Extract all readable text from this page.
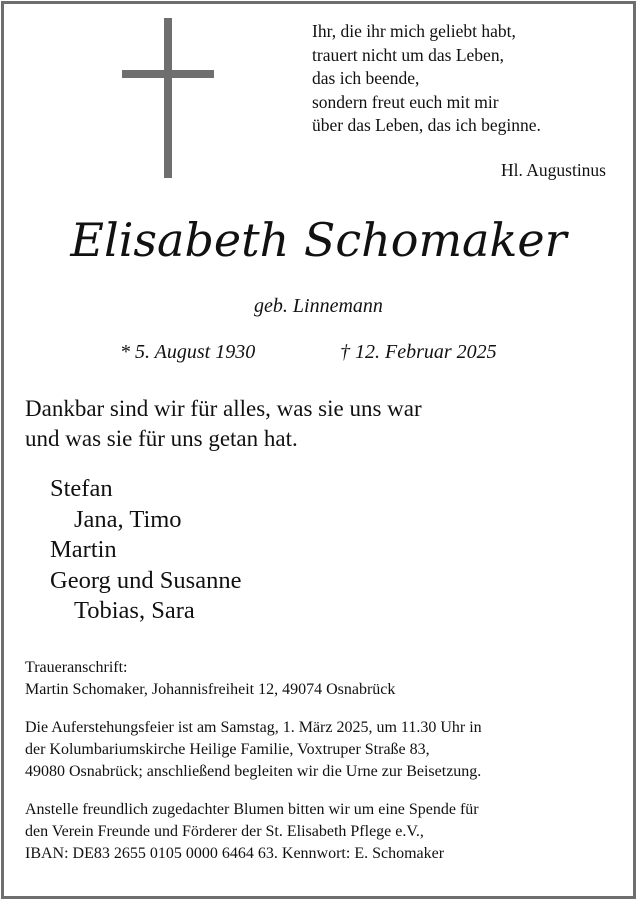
Ihr, die ihr mich geliebt habt,
trauert nicht um das Leben,
das ich beende,
sondern freut euch mit mir
über das Leben, das ich beginne.
Hl. Augustinus
Elisabeth Schomaker
geb. Linnemann
* 5. August 1930	† 12. Februar 2025
Dankbar sind wir für alles, was sie uns war
und was sie für uns getan hat.
Stefan
Jana, Timo
Martin
Georg und Susanne
Tobias, Sara
Traueranschrift:
Martin Schomaker, Johannisfreiheit 12, 49074 Osnabrück
Die Auferstehungsfeier ist am Samstag, 1. März 2025, um 11.30 Uhr in
der Kolumbariumskirche Heilige Familie, Voxtruper Straße 83,
49080 Osnabrück; anschließend begleiten wir die Urne zur Beisetzung.
Anstelle freundlich zugedachter Blumen bitten wir um eine Spende für
den Verein Freunde und Förderer der St. Elisabeth Pflege e.V.,
IBAN: DE83 2655 0105 0000 6464 63. Kennwort: E. Schomaker
